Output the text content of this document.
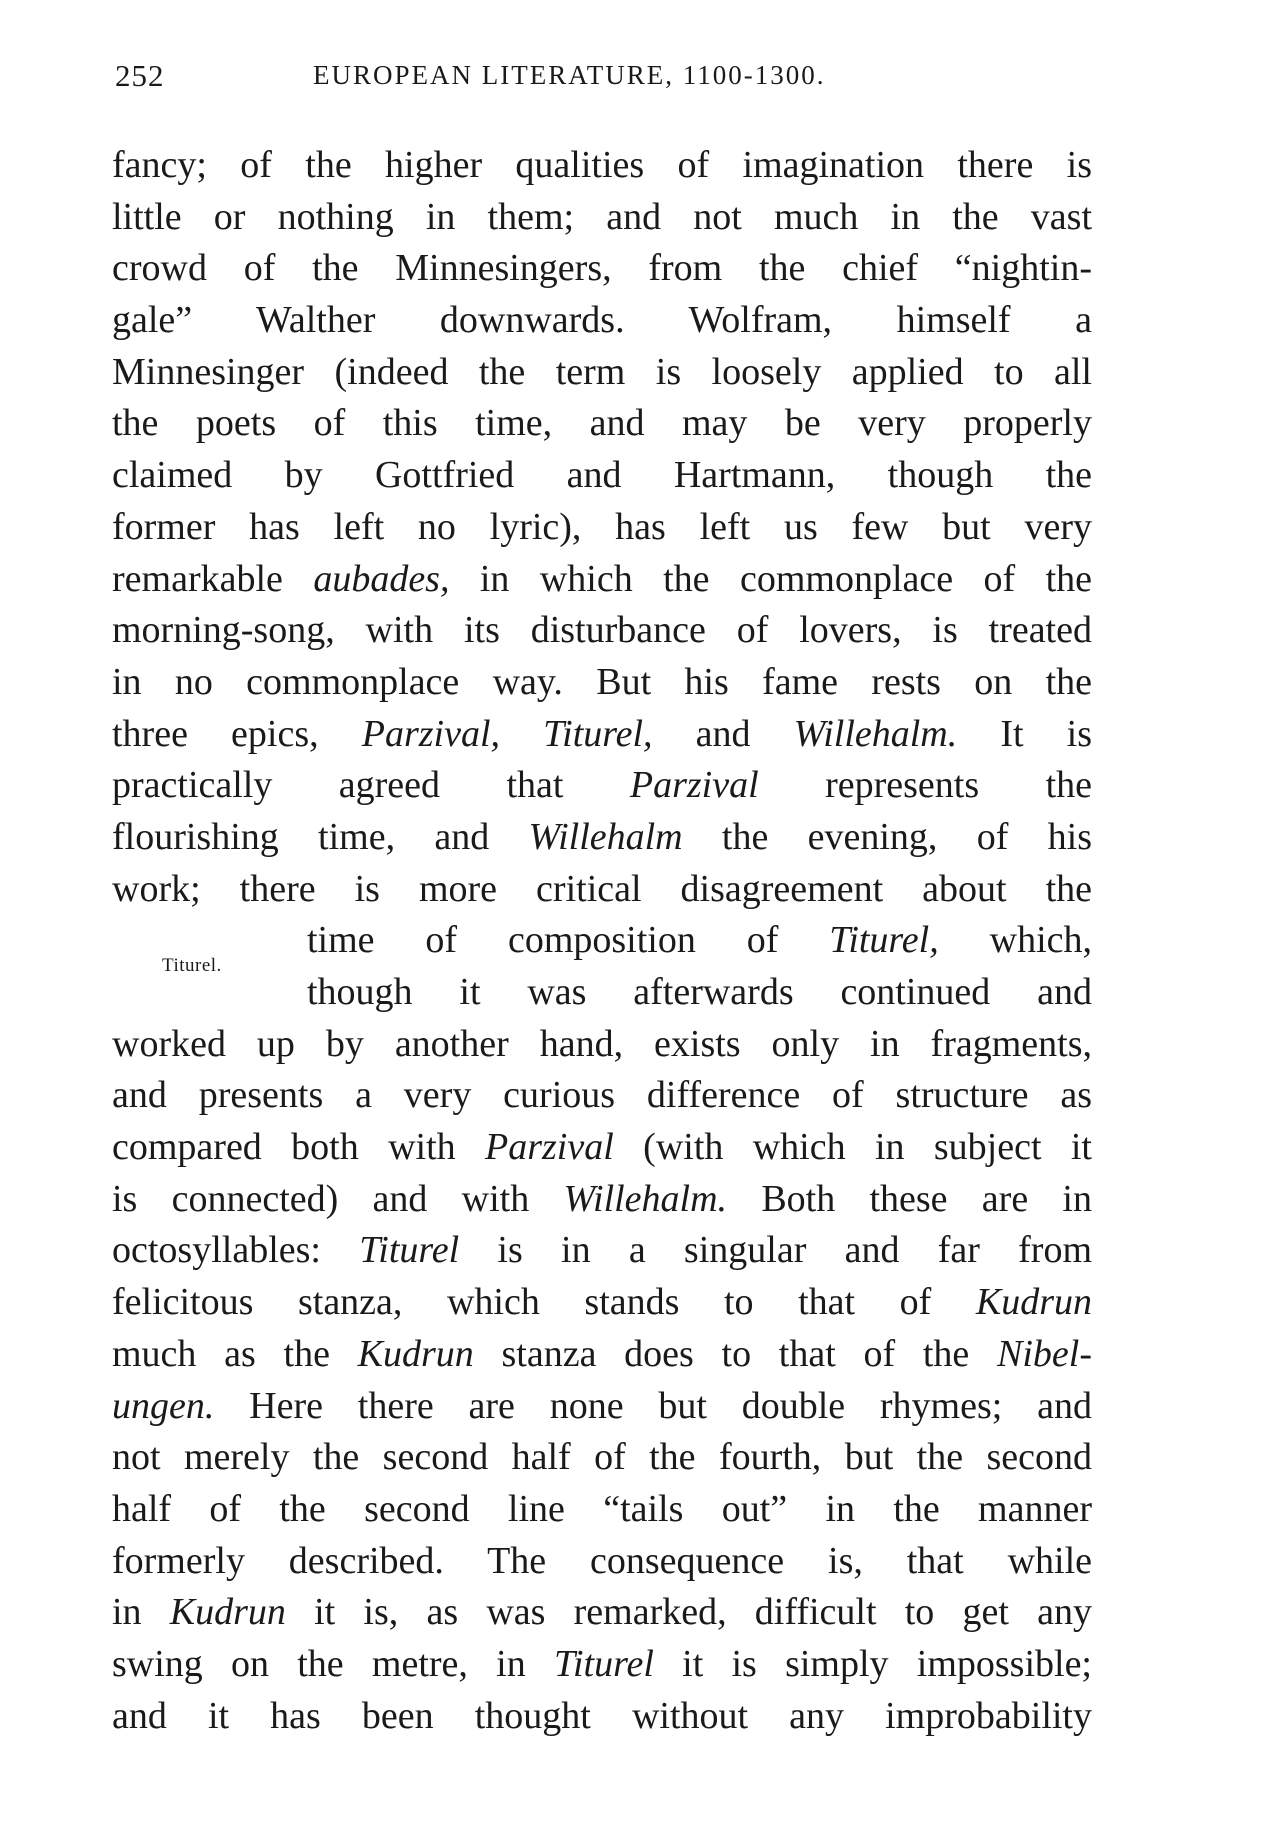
252	EUROPEAN LITERATURE, 1100-1300.
Titurel.
fancy; of the higher qualities of imagination there is
little or nothing in them; and not much in the vast
crowd of the Minnesingers, from the chief “nightin-
gale” Walther downwards. Wolfram, himself a
Minnesinger (indeed the term is loosely applied to all
the poets of this time, and may be very properly
claimed by Gottfried and Hartmann, though the
former has left no lyric), has left us few but very
remarkable aubades, in which the commonplace of the
morning-song, with its disturbance of lovers, is treated
in no commonplace way. But his fame rests on the
three epics, Parzival, Titurel, and Willehalm. It is
practically agreed that Parzival represents the
flourishing time, and Willehalm the evening, of his
work; there is more critical disagreement about the
time of composition of Titurel, which,
though it was afterwards continued and
worked up by another hand, exists only in fragments,
and presents a very curious difference of structure as
compared both with Parzival (with which in subject it
is connected) and with Willehalm. Both these are in
octosyllables: Titurel is in a singular and far from
felicitous stanza, which stands to that of Kudrun
much as the Kudrun stanza does to that of the Nibel-
ungen. Here there are none but double rhymes; and
not merely the second half of the fourth, but the second
half of the second line “tails out” in the manner
formerly described. The consequence is, that while
in Kudrun it is, as was remarked, difficult to get any
swing on the metre, in Titurel it is simply impossible;
and it has been thought without any improbability
